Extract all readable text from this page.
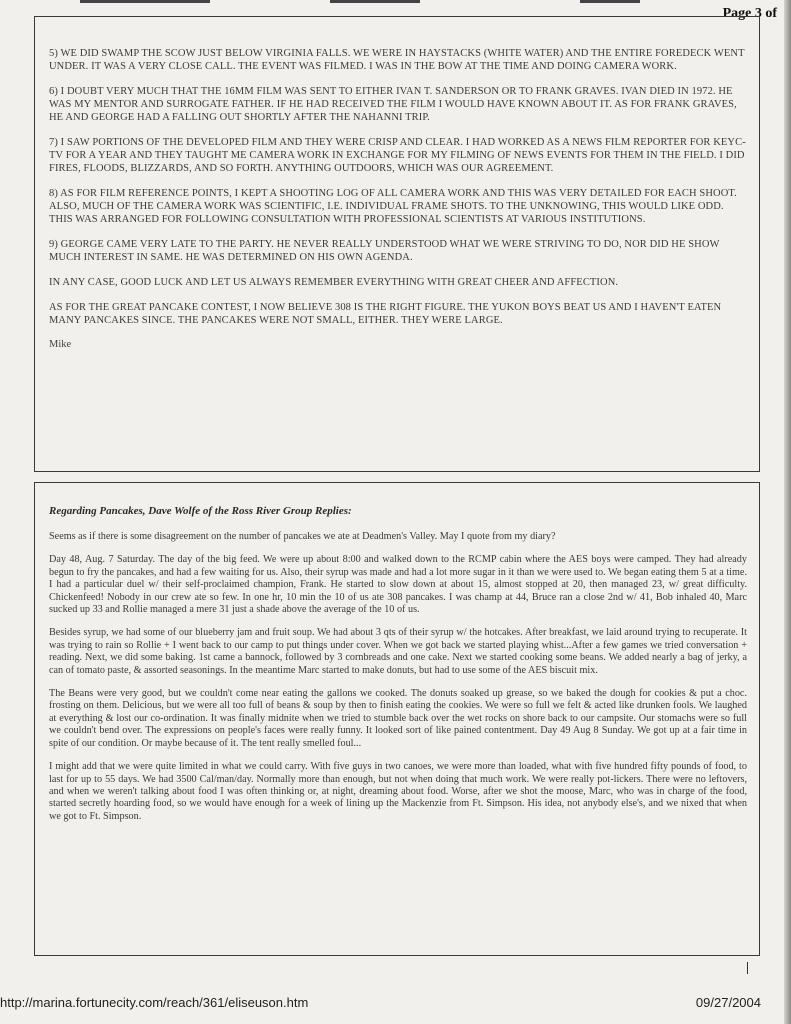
Page 3 of

5) WE DID SWAMP THE SCOW JUST BELOW VIRGINIA FALLS. WE WERE IN HAYSTACKS (WHITE WATER) AND THE ENTIRE FOREDECK WENT UNDER. IT WAS A VERY CLOSE CALL. THE EVENT WAS FILMED. I WAS IN THE BOW AT THE TIME AND DOING CAMERA WORK.

6) I DOUBT VERY MUCH THAT THE 16MM FILM WAS SENT TO EITHER IVAN T. SANDERSON OR TO FRANK GRAVES. IVAN DIED IN 1972. HE WAS MY MENTOR AND SURROGATE FATHER. IF HE HAD RECEIVED THE FILM I WOULD HAVE KNOWN ABOUT IT. AS FOR FRANK GRAVES, HE AND GEORGE HAD A FALLING OUT SHORTLY AFTER THE NAHANNI TRIP.

7) I SAW PORTIONS OF THE DEVELOPED FILM AND THEY WERE CRISP AND CLEAR. I HAD WORKED AS A NEWS FILM REPORTER FOR KEYC-TV FOR A YEAR AND THEY TAUGHT ME CAMERA WORK IN EXCHANGE FOR MY FILMING OF NEWS EVENTS FOR THEM IN THE FIELD. I DID FIRES, FLOODS, BLIZZARDS, AND SO FORTH. ANYTHING OUTDOORS, WHICH WAS OUR AGREEMENT.

8) AS FOR FILM REFERENCE POINTS, I KEPT A SHOOTING LOG OF ALL CAMERA WORK AND THIS WAS VERY DETAILED FOR EACH SHOOT. ALSO, MUCH OF THE CAMERA WORK WAS SCIENTIFIC, I.E. INDIVIDUAL FRAME SHOTS. TO THE UNKNOWING, THIS WOULD LIKE ODD. THIS WAS ARRANGED FOR FOLLOWING CONSULTATION WITH PROFESSIONAL SCIENTISTS AT VARIOUS INSTITUTIONS.

9) GEORGE CAME VERY LATE TO THE PARTY. HE NEVER REALLY UNDERSTOOD WHAT WE WERE STRIVING TO DO, NOR DID HE SHOW MUCH INTEREST IN SAME. HE WAS DETERMINED ON HIS OWN AGENDA.

IN ANY CASE, GOOD LUCK AND LET US ALWAYS REMEMBER EVERYTHING WITH GREAT CHEER AND AFFECTION.

AS FOR THE GREAT PANCAKE CONTEST, I NOW BELIEVE 308 IS THE RIGHT FIGURE. THE YUKON BOYS BEAT US AND I HAVEN'T EATEN MANY PANCAKES SINCE. THE PANCAKES WERE NOT SMALL, EITHER. THEY WERE LARGE.

Mike
Regarding Pancakes, Dave Wolfe of the Ross River Group Replies:

Seems as if there is some disagreement on the number of pancakes we ate at Deadmen's Valley. May I quote from my diary?

Day 48, Aug. 7 Saturday. The day of the big feed. We were up about 8:00 and walked down to the RCMP cabin where the AES boys were camped. They had already begun to fry the pancakes, and had a few waiting for us. Also, their syrup was made and had a lot more sugar in it than we were used to. We began eating them 5 at a time. I had a particular duel w/ their self-proclaimed champion, Frank. He started to slow down at about 15, almost stopped at 20, then managed 23, w/ great difficulty. Chickenfeed! Nobody in our crew ate so few. In one hr, 10 min the 10 of us ate 308 pancakes. I was champ at 44, Bruce ran a close 2nd w/ 41, Bob inhaled 40, Marc sucked up 33 and Rollie managed a mere 31 just a shade above the average of the 10 of us.

Besides syrup, we had some of our blueberry jam and fruit soup. We had about 3 qts of their syrup w/ the hotcakes. After breakfast, we laid around trying to recuperate. It was trying to rain so Rollie + I went back to our camp to put things under cover. When we got back we started playing whist...After a few games we tried conversation + reading. Next, we did some baking. 1st came a bannock, followed by 3 cornbreads and one cake. Next we started cooking some beans. We added nearly a bag of jerky, a can of tomato paste, & assorted seasonings. In the meantime Marc started to make donuts, but had to use some of the AES biscuit mix.

The Beans were very good, but we couldn't come near eating the gallons we cooked. The donuts soaked up grease, so we baked the dough for cookies & put a choc. frosting on them. Delicious, but we were all too full of beans & soup by then to finish eating the cookies. We were so full we felt & acted like drunken fools. We laughed at everything & lost our co-ordination. It was finally midnite when we tried to stumble back over the wet rocks on shore back to our campsite. Our stomachs were so full we couldn't bend over. The expressions on people's faces were really funny. It looked sort of like pained contentment. Day 49 Aug 8 Sunday. We got up at a fair time in spite of our condition. Or maybe because of it. The tent really smelled foul...

I might add that we were quite limited in what we could carry. With five guys in two canoes, we were more than loaded, what with five hundred fifty pounds of food, to last for up to 55 days. We had 3500 Cal/man/day. Normally more than enough, but not when doing that much work. We were really pot-lickers. There were no leftovers, and when we weren't talking about food I was often thinking or, at night, dreaming about food. Worse, after we shot the moose, Marc, who was in charge of the food, started secretly hoarding food, so we would have enough for a week of lining up the Mackenzie from Ft. Simpson. His idea, not anybody else's, and we nixed that when we got to Ft. Simpson.

http://marina.fortunecity.com/reach/361/eliseuson.htm	09/27/2004
